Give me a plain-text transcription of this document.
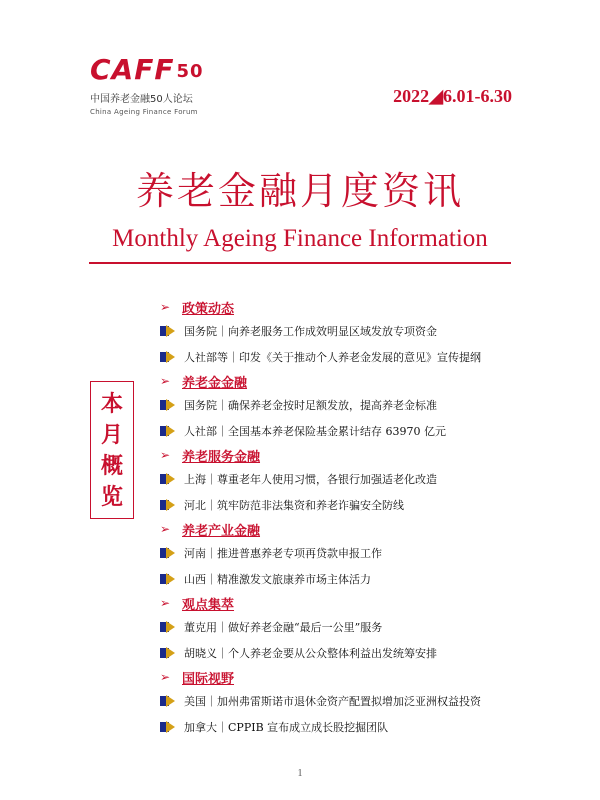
CAFF 50
中国养老金融50人论坛
China Ageing Finance Forum
2022◢6.01-6.30
养老金融月度资讯
Monthly Ageing Finance Information
本
月
概
览
➢ 政策动态
国务院｜向养老服务工作成效明显区域发放专项资金
人社部等｜印发《关于推动个人养老金发展的意见》宣传提纲
➢ 养老金金融
国务院｜确保养老金按时足额发放，提高养老金标准
人社部｜全国基本养老保险基金累计结存 63970 亿元
➢ 养老服务金融
上海｜尊重老年人使用习惯，各银行加强适老化改造
河北｜筑牢防范非法集资和养老诈骗安全防线
➢ 养老产业金融
河南｜推进普惠养老专项再贷款申报工作
山西｜精准激发文旅康养市场主体活力
➢ 观点集萃
董克用｜做好养老金融“最后一公里”服务
胡晓义｜个人养老金要从公众整体利益出发统筹安排
➢ 国际视野
美国｜加州弗雷斯诺市退休金资产配置拟增加泛亚洲权益投资
加拿大｜CPPIB 宣布成立成长股挖掘团队
1
